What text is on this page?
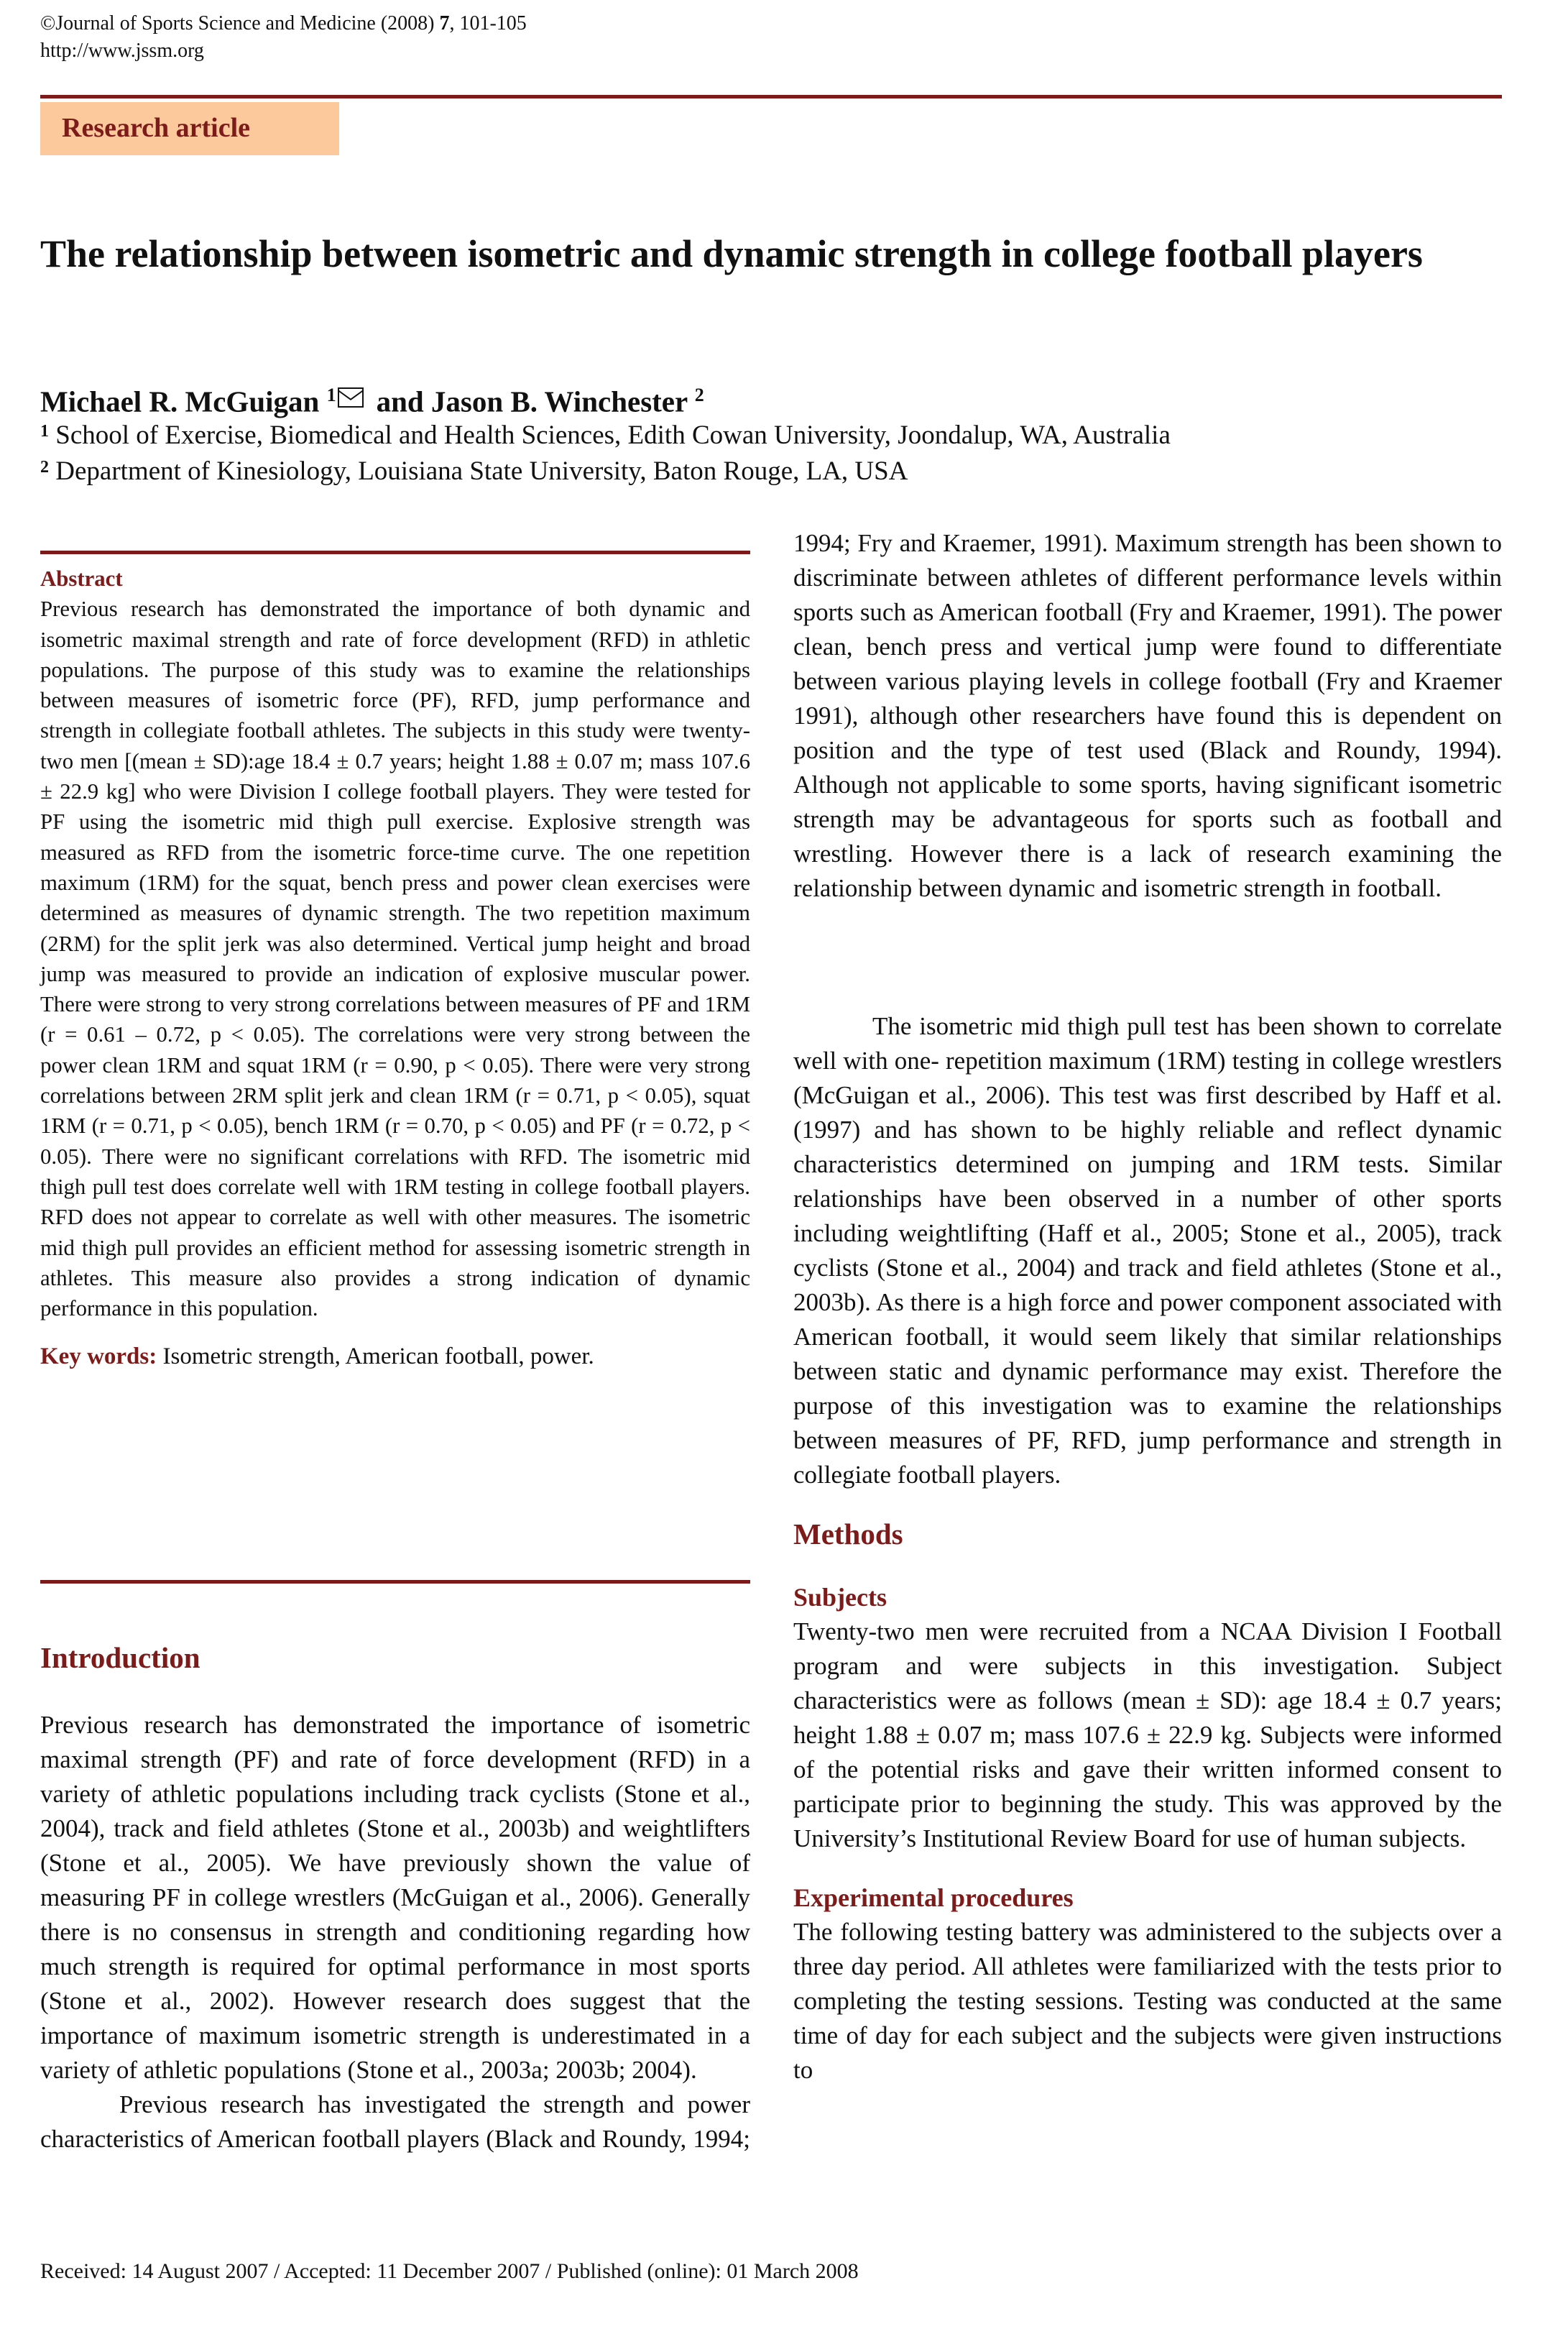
©Journal of Sports Science and Medicine (2008) 7, 101-105
http://www.jssm.org
Research article
The relationship between isometric and dynamic strength in college football players
Michael R. McGuigan $^1$ and Jason B. Winchester $^2$
$^1$ School of Exercise, Biomedical and Health Sciences, Edith Cowan University, Joondalup, WA, Australia
$^2$ Department of Kinesiology, Louisiana State University, Baton Rouge, LA, USA
Abstract

Previous research has demonstrated the importance of both dynamic and isometric maximal strength and rate of force development (RFD) in athletic populations. The purpose of this study was to examine the relationships between measures of isometric force (PF), RFD, jump performance and strength in collegiate football athletes. The subjects in this study were twenty-two men [(mean ± SD):age 18.4 ± 0.7 years; height 1.88 ± 0.07 m; mass 107.6 ± 22.9 kg] who were Division I college football players. They were tested for PF using the isometric mid thigh pull exercise. Explosive strength was measured as RFD from the isometric force-time curve. The one repetition maximum (1RM) for the squat, bench press and power clean exercises were determined as measures of dynamic strength. The two repetition maximum (2RM) for the split jerk was also determined. Vertical jump height and broad jump was measured to provide an indication of explosive muscular power. There were strong to very strong correlations between measures of PF and 1RM (r = 0.61 – 0.72, p < 0.05). The correlations were very strong between the power clean 1RM and squat 1RM (r = 0.90, p < 0.05). There were very strong correlations between 2RM split jerk and clean 1RM (r = 0.71, p < 0.05), squat 1RM (r = 0.71, p < 0.05), bench 1RM (r = 0.70, p < 0.05) and PF (r = 0.72, p < 0.05). There were no significant correlations with RFD. The isometric mid thigh pull test does correlate well with 1RM testing in college football players. RFD does not appear to correlate as well with other measures. The isometric mid thigh pull provides an efficient method for assessing isometric strength in athletes. This measure also provides a strong indication of dynamic performance in this population.

Key words: Isometric strength, American football, power.

Introduction

Previous research has demonstrated the importance of isometric maximal strength (PF) and rate of force development (RFD) in a variety of athletic populations including track cyclists (Stone et al., 2004), track and field athletes (Stone et al., 2003b) and weightlifters (Stone et al., 2005). We have previously shown the value of measuring PF in college wrestlers (McGuigan et al., 2006). Generally there is no consensus in strength and conditioning regarding how much strength is required for optimal performance in most sports (Stone et al., 2002). However research does suggest that the importance of maximum isometric strength is underestimated in a variety of athletic populations (Stone et al., 2003a; 2003b; 2004).

Previous research has investigated the strength and power characteristics of American football players (Black and Roundy, 1994;

1994; Fry and Kraemer, 1991). Maximum strength has been shown to discriminate between athletes of different performance levels within sports such as American football (Fry and Kraemer, 1991). The power clean, bench press and vertical jump were found to differentiate between various playing levels in college football (Fry and Kraemer 1991), although other researchers have found this is dependent on position and the type of test used (Black and Roundy, 1994). Although not applicable to some sports, having significant isometric strength may be advantageous for sports such as football and wrestling. However there is a lack of research examining the relationship between dynamic and isometric strength in football.

The isometric mid thigh pull test has been shown to correlate well with one- repetition maximum (1RM) testing in college wrestlers (McGuigan et al., 2006). This test was first described by Haff et al. (1997) and has shown to be highly reliable and reflect dynamic characteristics determined on jumping and 1RM tests. Similar relationships have been observed in a number of other sports including weightlifting (Haff et al., 2005; Stone et al., 2005), track cyclists (Stone et al., 2004) and track and field athletes (Stone et al., 2003b). As there is a high force and power component associated with American football, it would seem likely that similar relationships between static and dynamic performance may exist. Therefore the purpose of this investigation was to examine the relationships between measures of PF, RFD, jump performance and strength in collegiate football players.

Methods
Subjects

Twenty-two men were recruited from a NCAA Division I Football program and were subjects in this investigation. Subject characteristics were as follows (mean ± SD): age 18.4 ± 0.7 years; height 1.88 ± 0.07 m; mass 107.6 ± 22.9 kg. Subjects were informed of the potential risks and gave their written informed consent to participate prior to beginning the study. This was approved by the University’s Institutional Review Board for use of human subjects.

Experimental procedures

The following testing battery was administered to the subjects over a three day period. All athletes were familiarized with the tests prior to completing the testing sessions. Testing was conducted at the same time of day for each subject and the subjects were given instructions to

Received: 14 August 2007 / Accepted: 11 December 2007 / Published (online): 01 March 2008
